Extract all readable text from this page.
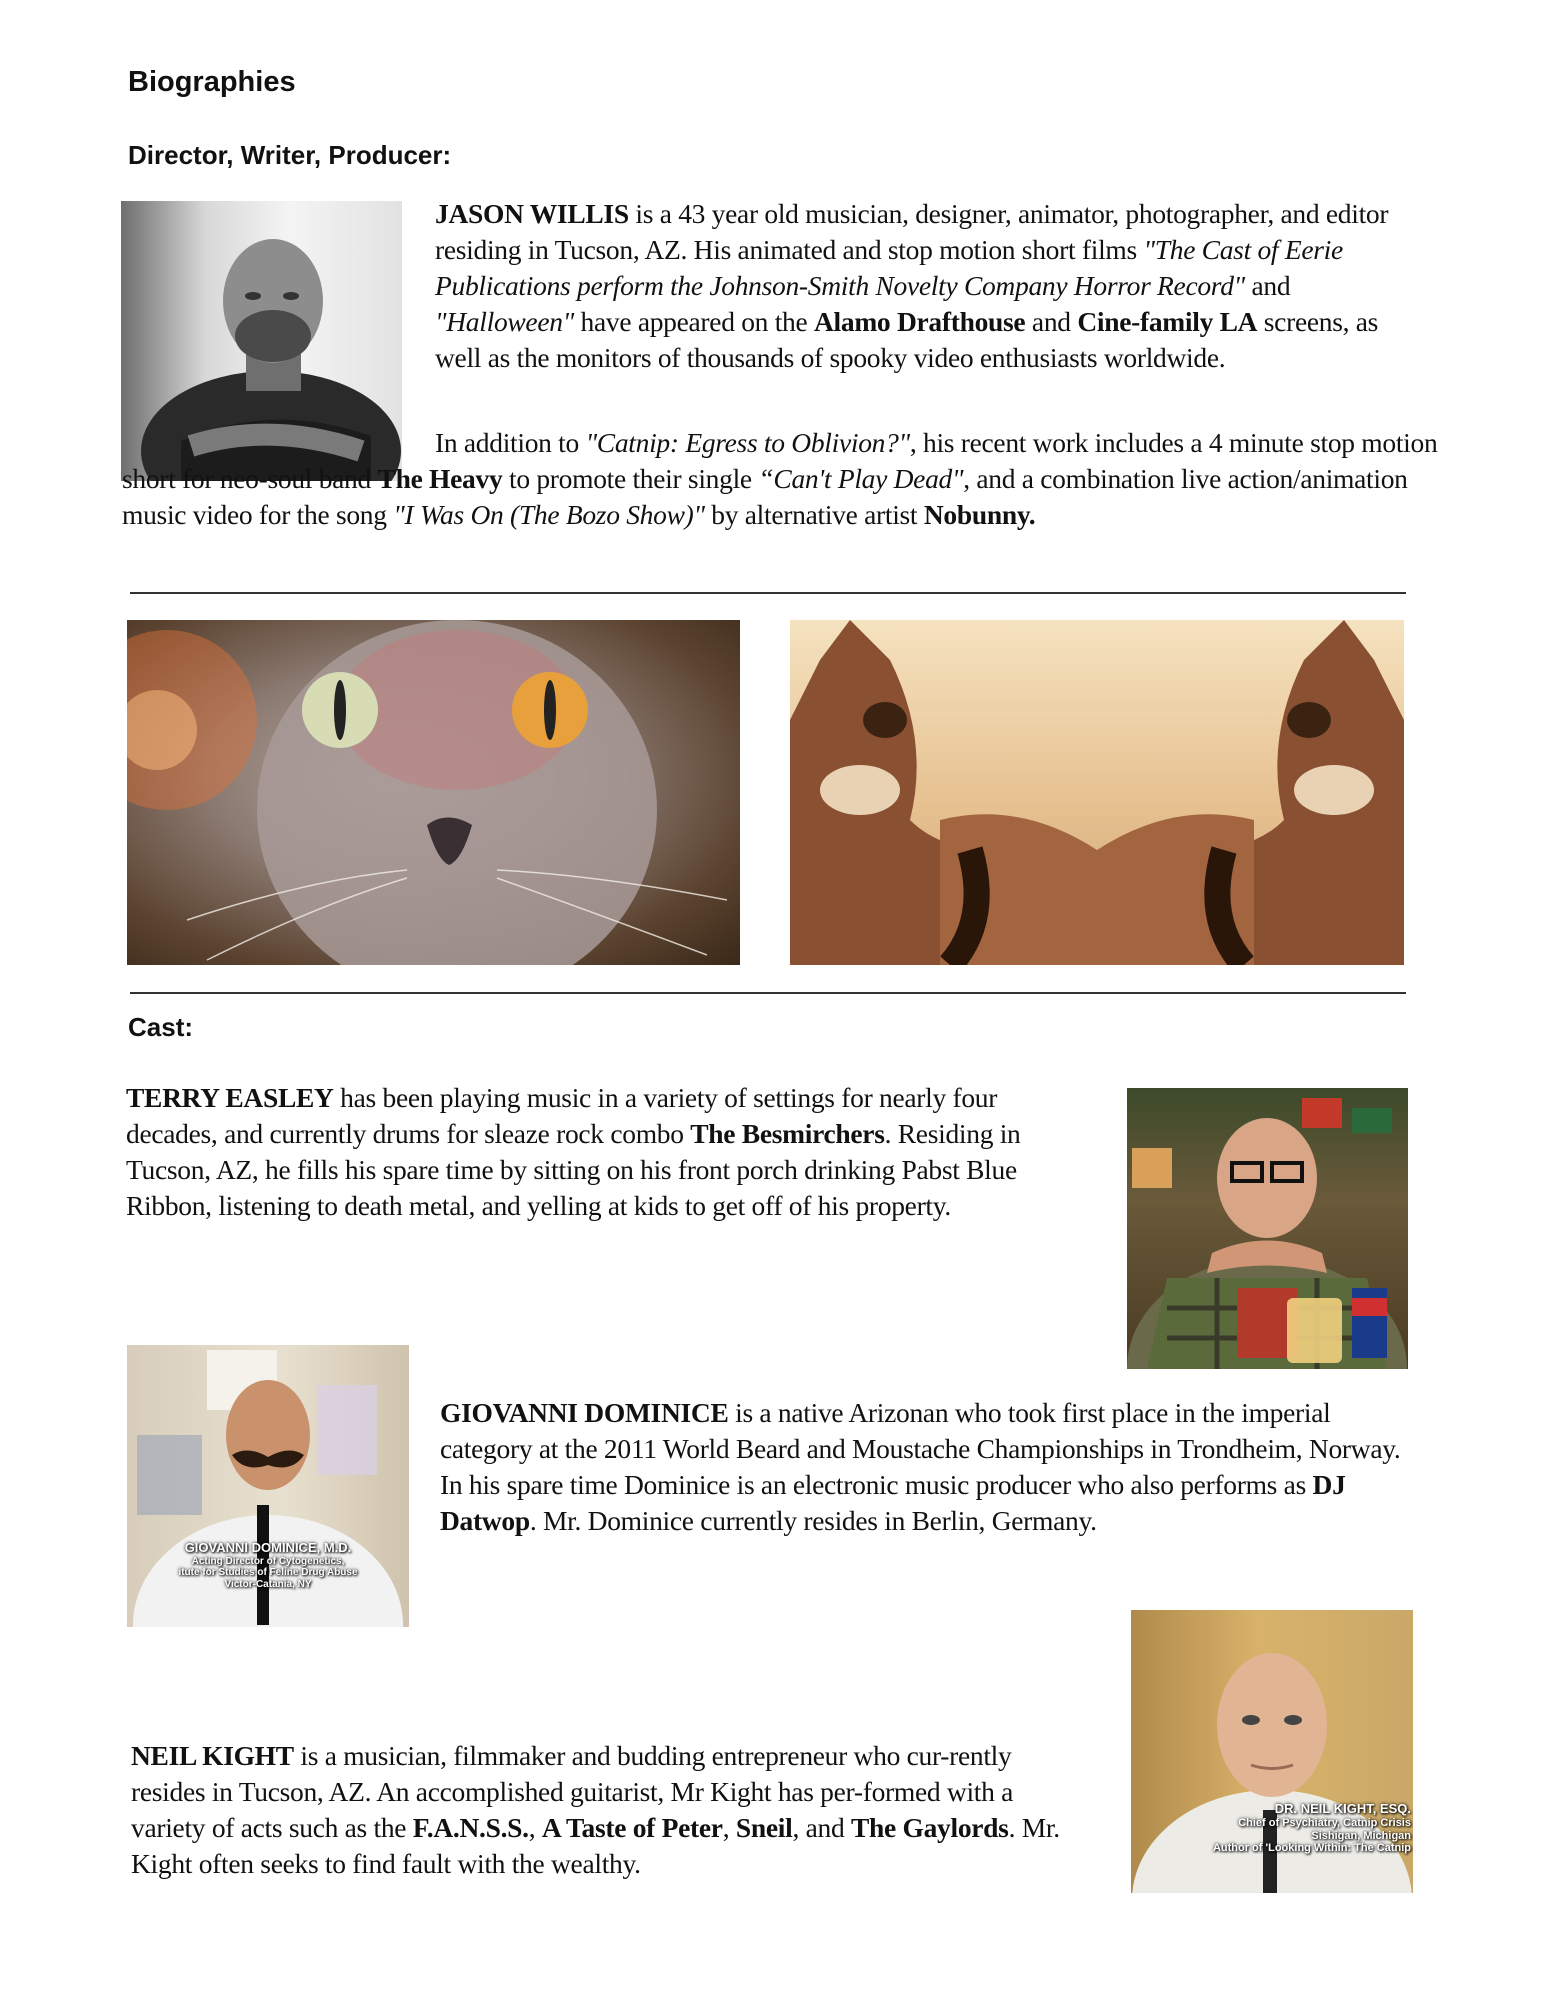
Biographies
Director, Writer, Producer:
JASON WILLIS is a 43 year old musician, designer, animator, photographer, and editor residing in Tucson, AZ. His animated and stop motion short films "The Cast of Eerie Publications perform the Johnson-Smith Novelty Company Horror Record" and "Halloween" have appeared on the Alamo Drafthouse and Cine-family LA screens, as well as the monitors of thousands of spooky video enthusiasts worldwide.
In addition to "Catnip: Egress to Oblivion?", his recent work includes a 4 minute stop motion short for neo-soul band The Heavy to promote their single “Can't Play Dead", and a combination live action/animation music video for the song "I Was On (The Bozo Show)" by alternative artist Nobunny.
Cast:
TERRY EASLEY has been playing music in a variety of settings for nearly four decades, and currently drums for sleaze rock combo The Besmirchers. Residing in Tucson, AZ, he fills his spare time by sitting on his front porch drinking Pabst Blue Ribbon, listening to death metal, and yelling at kids to get off of his property.
GIOVANNI DOMINICE, M.D.
Acting Director of Cytogenetics,
itute for Studies of Feline Drug Abuse
Victor-Catania, NY
GIOVANNI DOMINICE is a native Arizonan who took first place in the imperial category at the 2011 World Beard and Moustache Championships in Trondheim, Norway. In his spare time Dominice is an electronic music producer who also performs as DJ Datwop. Mr. Dominice currently resides in Berlin, Germany.
NEIL KIGHT is a musician, filmmaker and budding entrepreneur who cur-rently resides in Tucson, AZ. An accomplished guitarist, Mr Kight has per-formed with a variety of acts such as the F.A.N.S.S., A Taste of Peter, Sneil, and The Gaylords. Mr. Kight often seeks to find fault with the wealthy.
DR. NEIL KIGHT, ESQ.
Chief of Psychiatry, Catnip Crisis
Sishigan, Michigan
Author of 'Looking Within: The Catnip
